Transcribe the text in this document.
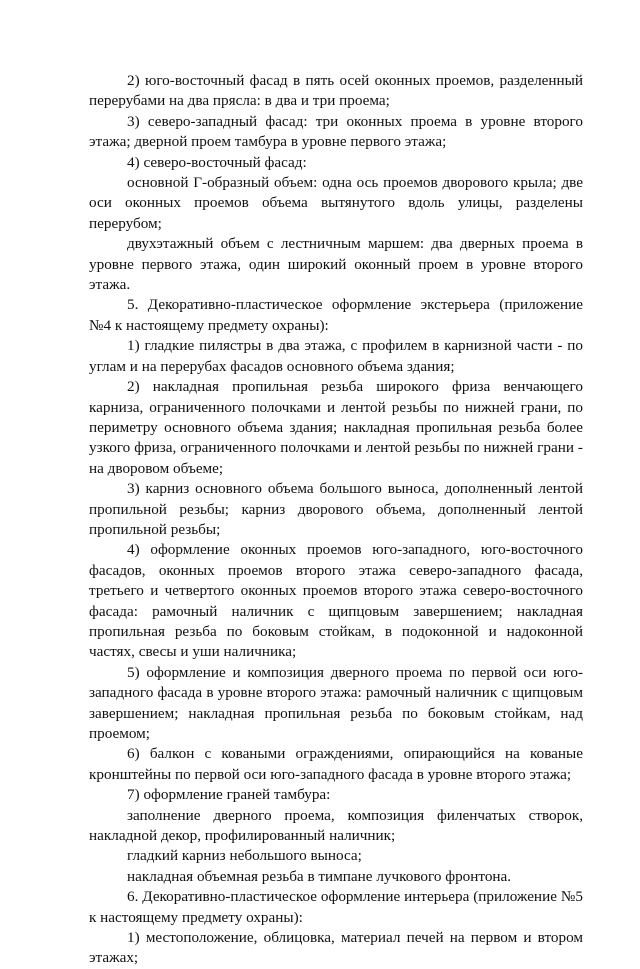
2) юго-восточный фасад в пять осей оконных проемов, разделенный перерубами на два прясла: в два и три проема;

3) северо-западный фасад: три оконных проема в уровне второго этажа; дверной проем тамбура в уровне первого этажа;

4) северо-восточный фасад:

основной Г-образный объем: одна ось проемов дворового крыла; две оси оконных проемов объема вытянутого вдоль улицы, разделены перерубом;

двухэтажный объем с лестничным маршем: два дверных проема в уровне первого этажа, один широкий оконный проем в уровне второго этажа.

5. Декоративно-пластическое оформление экстерьера (приложение №4 к настоящему предмету охраны):

1) гладкие пилястры в два этажа, с профилем в карнизной части - по углам и на перерубах фасадов основного объема здания;

2) накладная пропильная резьба широкого фриза венчающего карниза, ограниченного полочками и лентой резьбы по нижней грани, по периметру основного объема здания; накладная пропильная резьба более узкого фриза, ограниченного полочками и лентой резьбы по нижней грани - на дворовом объеме;

3) карниз основного объема большого выноса, дополненный лентой пропильной резьбы; карниз дворового объема, дополненный лентой пропильной резьбы;

4) оформление оконных проемов юго-западного, юго-восточного фасадов, оконных проемов второго этажа северо-западного фасада, третьего и четвертого оконных проемов второго этажа северо-восточного фасада: рамочный наличник с щипцовым завершением; накладная пропильная резьба по боковым стойкам, в подоконной и надоконной частях, свесы и уши наличника;

5) оформление и композиция дверного проема по первой оси юго-западного фасада в уровне второго этажа: рамочный наличник с щипцовым завершением; накладная пропильная резьба по боковым стойкам, над проемом;

6) балкон с коваными ограждениями, опирающийся на кованые кронштейны по первой оси юго-западного фасада в уровне второго этажа;

7) оформление граней тамбура:

заполнение дверного проема, композиция филенчатых створок, накладной декор, профилированный наличник;

гладкий карниз небольшого выноса;

накладная объемная резьба в тимпане лучкового фронтона.

6. Декоративно-пластическое оформление интерьера (приложение №5 к настоящему предмету охраны):

1) местоположение, облицовка, материал печей на первом и втором этажах;
